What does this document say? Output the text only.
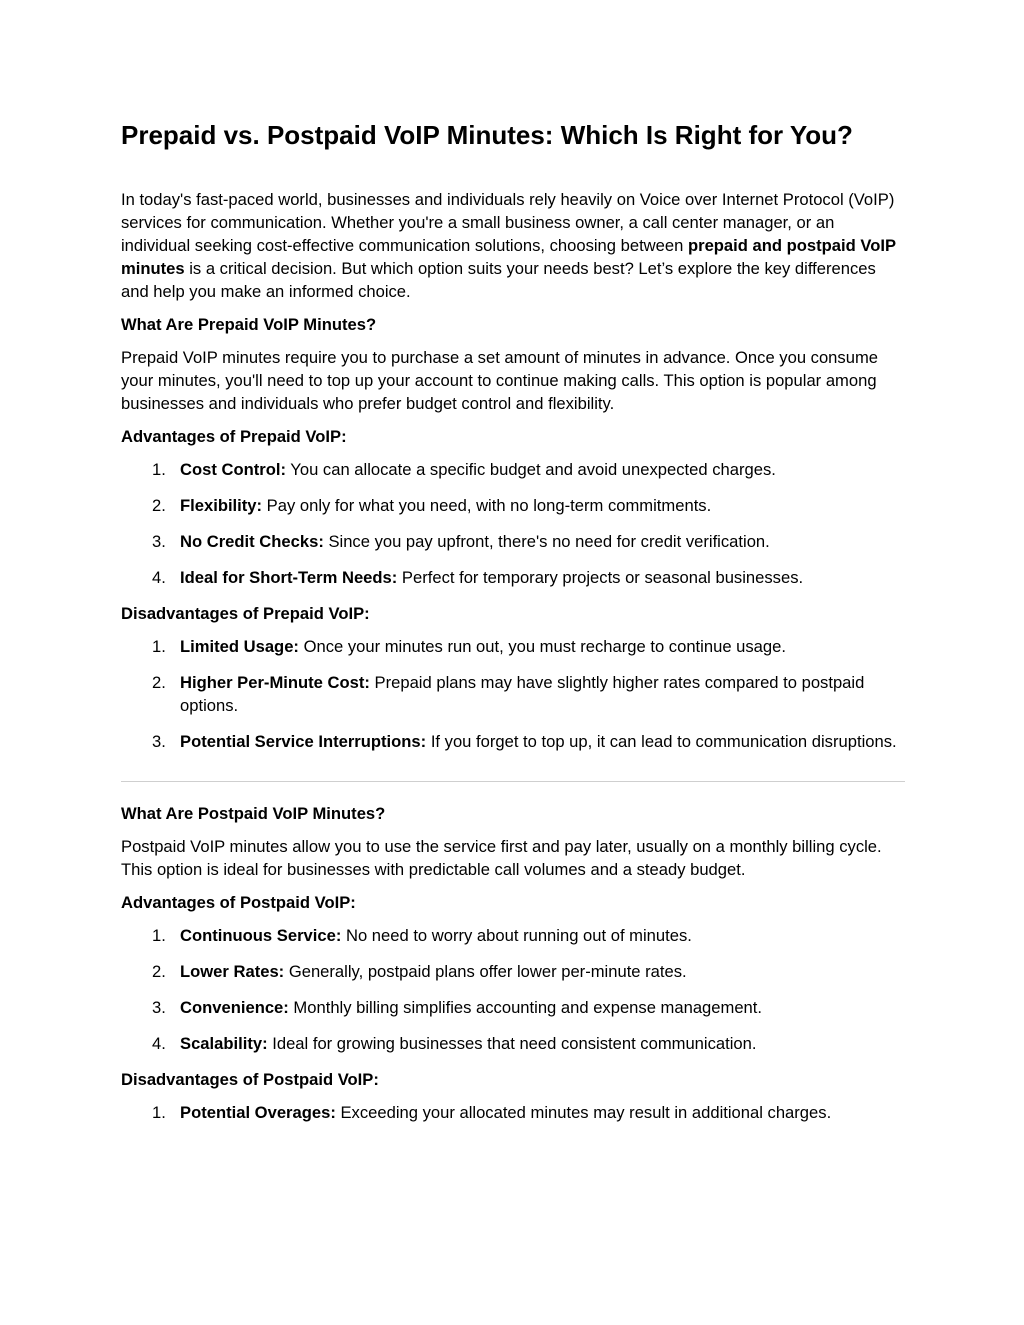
Prepaid vs. Postpaid VoIP Minutes: Which Is Right for You?

In today's fast-paced world, businesses and individuals rely heavily on Voice over Internet Protocol (VoIP) services for communication. Whether you're a small business owner, a call center manager, or an individual seeking cost-effective communication solutions, choosing between prepaid and postpaid VoIP minutes is a critical decision. But which option suits your needs best? Let’s explore the key differences and help you make an informed choice.

What Are Prepaid VoIP Minutes?

Prepaid VoIP minutes require you to purchase a set amount of minutes in advance. Once you consume your minutes, you'll need to top up your account to continue making calls. This option is popular among businesses and individuals who prefer budget control and flexibility.

Advantages of Prepaid VoIP:
1. Cost Control: You can allocate a specific budget and avoid unexpected charges.
2. Flexibility: Pay only for what you need, with no long-term commitments.
3. No Credit Checks: Since you pay upfront, there's no need for credit verification.
4. Ideal for Short-Term Needs: Perfect for temporary projects or seasonal businesses.
Disadvantages of Prepaid VoIP:
1. Limited Usage: Once your minutes run out, you must recharge to continue usage.
2. Higher Per-Minute Cost: Prepaid plans may have slightly higher rates compared to postpaid options.
3. Potential Service Interruptions: If you forget to top up, it can lead to communication disruptions.
What Are Postpaid VoIP Minutes?

Postpaid VoIP minutes allow you to use the service first and pay later, usually on a monthly billing cycle. This option is ideal for businesses with predictable call volumes and a steady budget.

Advantages of Postpaid VoIP:
1. Continuous Service: No need to worry about running out of minutes.
2. Lower Rates: Generally, postpaid plans offer lower per-minute rates.
3. Convenience: Monthly billing simplifies accounting and expense management.
4. Scalability: Ideal for growing businesses that need consistent communication.
Disadvantages of Postpaid VoIP:
1. Potential Overages: Exceeding your allocated minutes may result in additional charges.
